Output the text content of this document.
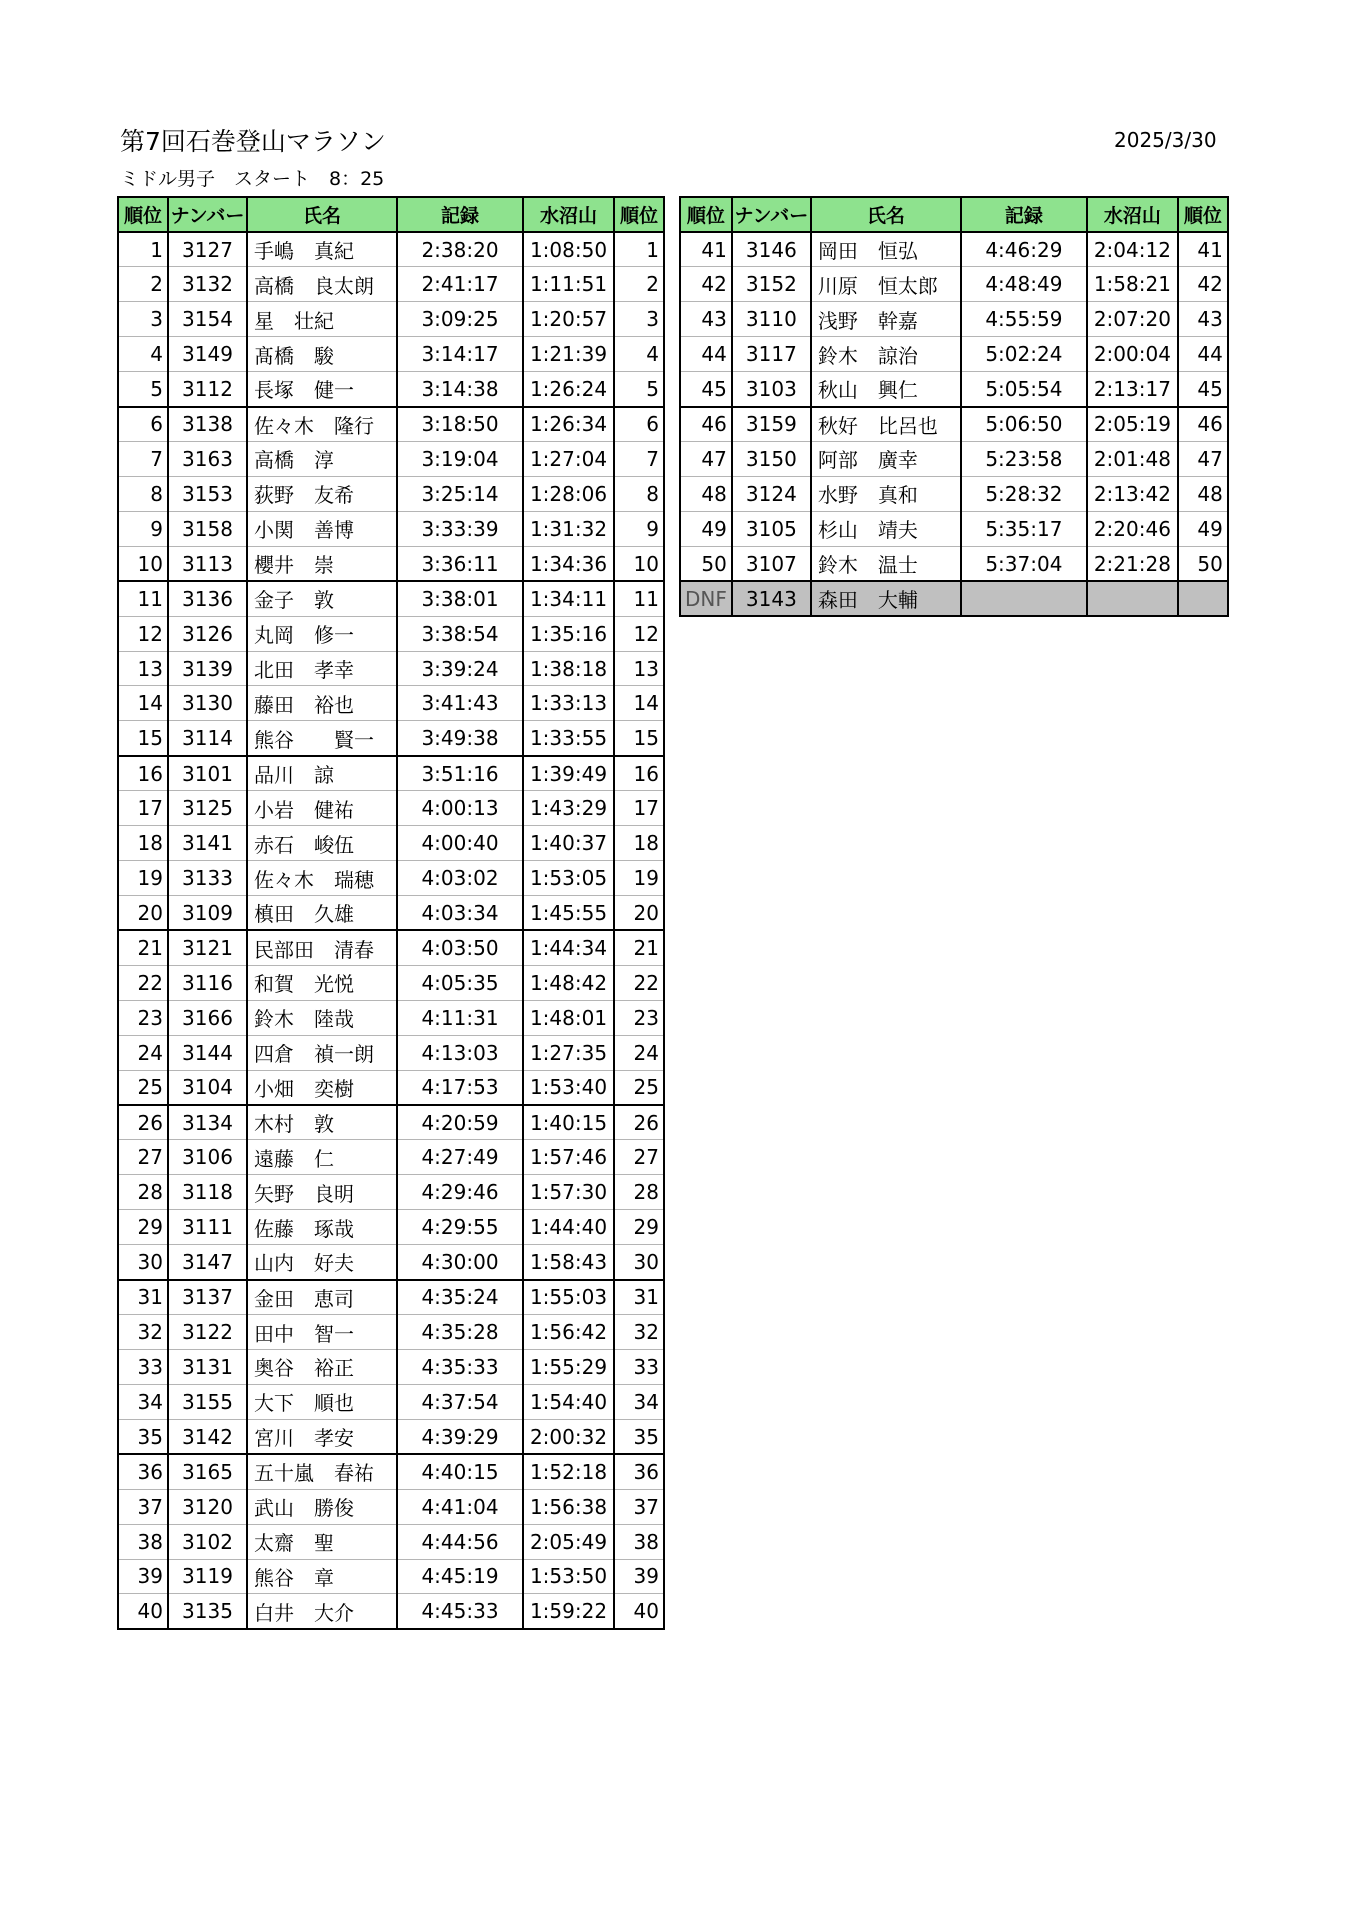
第7回石巻登山マラソン	2025/3/30
ミドル男子　スタート　8：25
順位	ナンバー	氏名	記録	水沼山	順位
1	3127	手嶋　真紀	2:38:20	1:08:50	1
2	3132	高橋　良太朗	2:41:17	1:11:51	2
3	3154	星　壮紀	3:09:25	1:20:57	3
4	3149	髙橋　駿	3:14:17	1:21:39	4
5	3112	長塚　健一	3:14:38	1:26:24	5
6	3138	佐々木　隆行	3:18:50	1:26:34	6
7	3163	高橋　淳	3:19:04	1:27:04	7
8	3153	荻野　友希	3:25:14	1:28:06	8
9	3158	小関　善博	3:33:39	1:31:32	9
10	3113	櫻井　崇	3:36:11	1:34:36	10
11	3136	金子　敦	3:38:01	1:34:11	11
12	3126	丸岡　修一	3:38:54	1:35:16	12
13	3139	北田　孝幸	3:39:24	1:38:18	13
14	3130	藤田　裕也	3:41:43	1:33:13	14
15	3114	熊谷　　賢一	3:49:38	1:33:55	15
16	3101	品川　諒	3:51:16	1:39:49	16
17	3125	小岩　健祐	4:00:13	1:43:29	17
18	3141	赤石　峻伍	4:00:40	1:40:37	18
19	3133	佐々木　瑞穂	4:03:02	1:53:05	19
20	3109	槙田　久雄	4:03:34	1:45:55	20
21	3121	民部田　清春	4:03:50	1:44:34	21
22	3116	和賀　光悦	4:05:35	1:48:42	22
23	3166	鈴木　陸哉	4:11:31	1:48:01	23
24	3144	四倉　禎一朗	4:13:03	1:27:35	24
25	3104	小畑　奕樹	4:17:53	1:53:40	25
26	3134	木村　敦	4:20:59	1:40:15	26
27	3106	遠藤　仁	4:27:49	1:57:46	27
28	3118	矢野　良明	4:29:46	1:57:30	28
29	3111	佐藤　琢哉	4:29:55	1:44:40	29
30	3147	山内　好夫	4:30:00	1:58:43	30
31	3137	金田　恵司	4:35:24	1:55:03	31
32	3122	田中　智一	4:35:28	1:56:42	32
33	3131	奥谷　裕正	4:35:33	1:55:29	33
34	3155	大下　順也	4:37:54	1:54:40	34
35	3142	宮川　孝安	4:39:29	2:00:32	35
36	3165	五十嵐　春祐	4:40:15	1:52:18	36
37	3120	武山　勝俊	4:41:04	1:56:38	37
38	3102	太齋　聖	4:44:56	2:05:49	38
39	3119	熊谷　章	4:45:19	1:53:50	39
40	3135	白井　大介	4:45:33	1:59:22	40
順位	ナンバー	氏名	記録	水沼山	順位
41	3146	岡田　恒弘	4:46:29	2:04:12	41
42	3152	川原　恒太郎	4:48:49	1:58:21	42
43	3110	浅野　幹嘉	4:55:59	2:07:20	43
44	3117	鈴木　諒治	5:02:24	2:00:04	44
45	3103	秋山　興仁	5:05:54	2:13:17	45
46	3159	秋好　比呂也	5:06:50	2:05:19	46
47	3150	阿部　廣幸	5:23:58	2:01:48	47
48	3124	水野　真和	5:28:32	2:13:42	48
49	3105	杉山　靖夫	5:35:17	2:20:46	49
50	3107	鈴木　温士	5:37:04	2:21:28	50
DNF	3143	森田　大輔			
